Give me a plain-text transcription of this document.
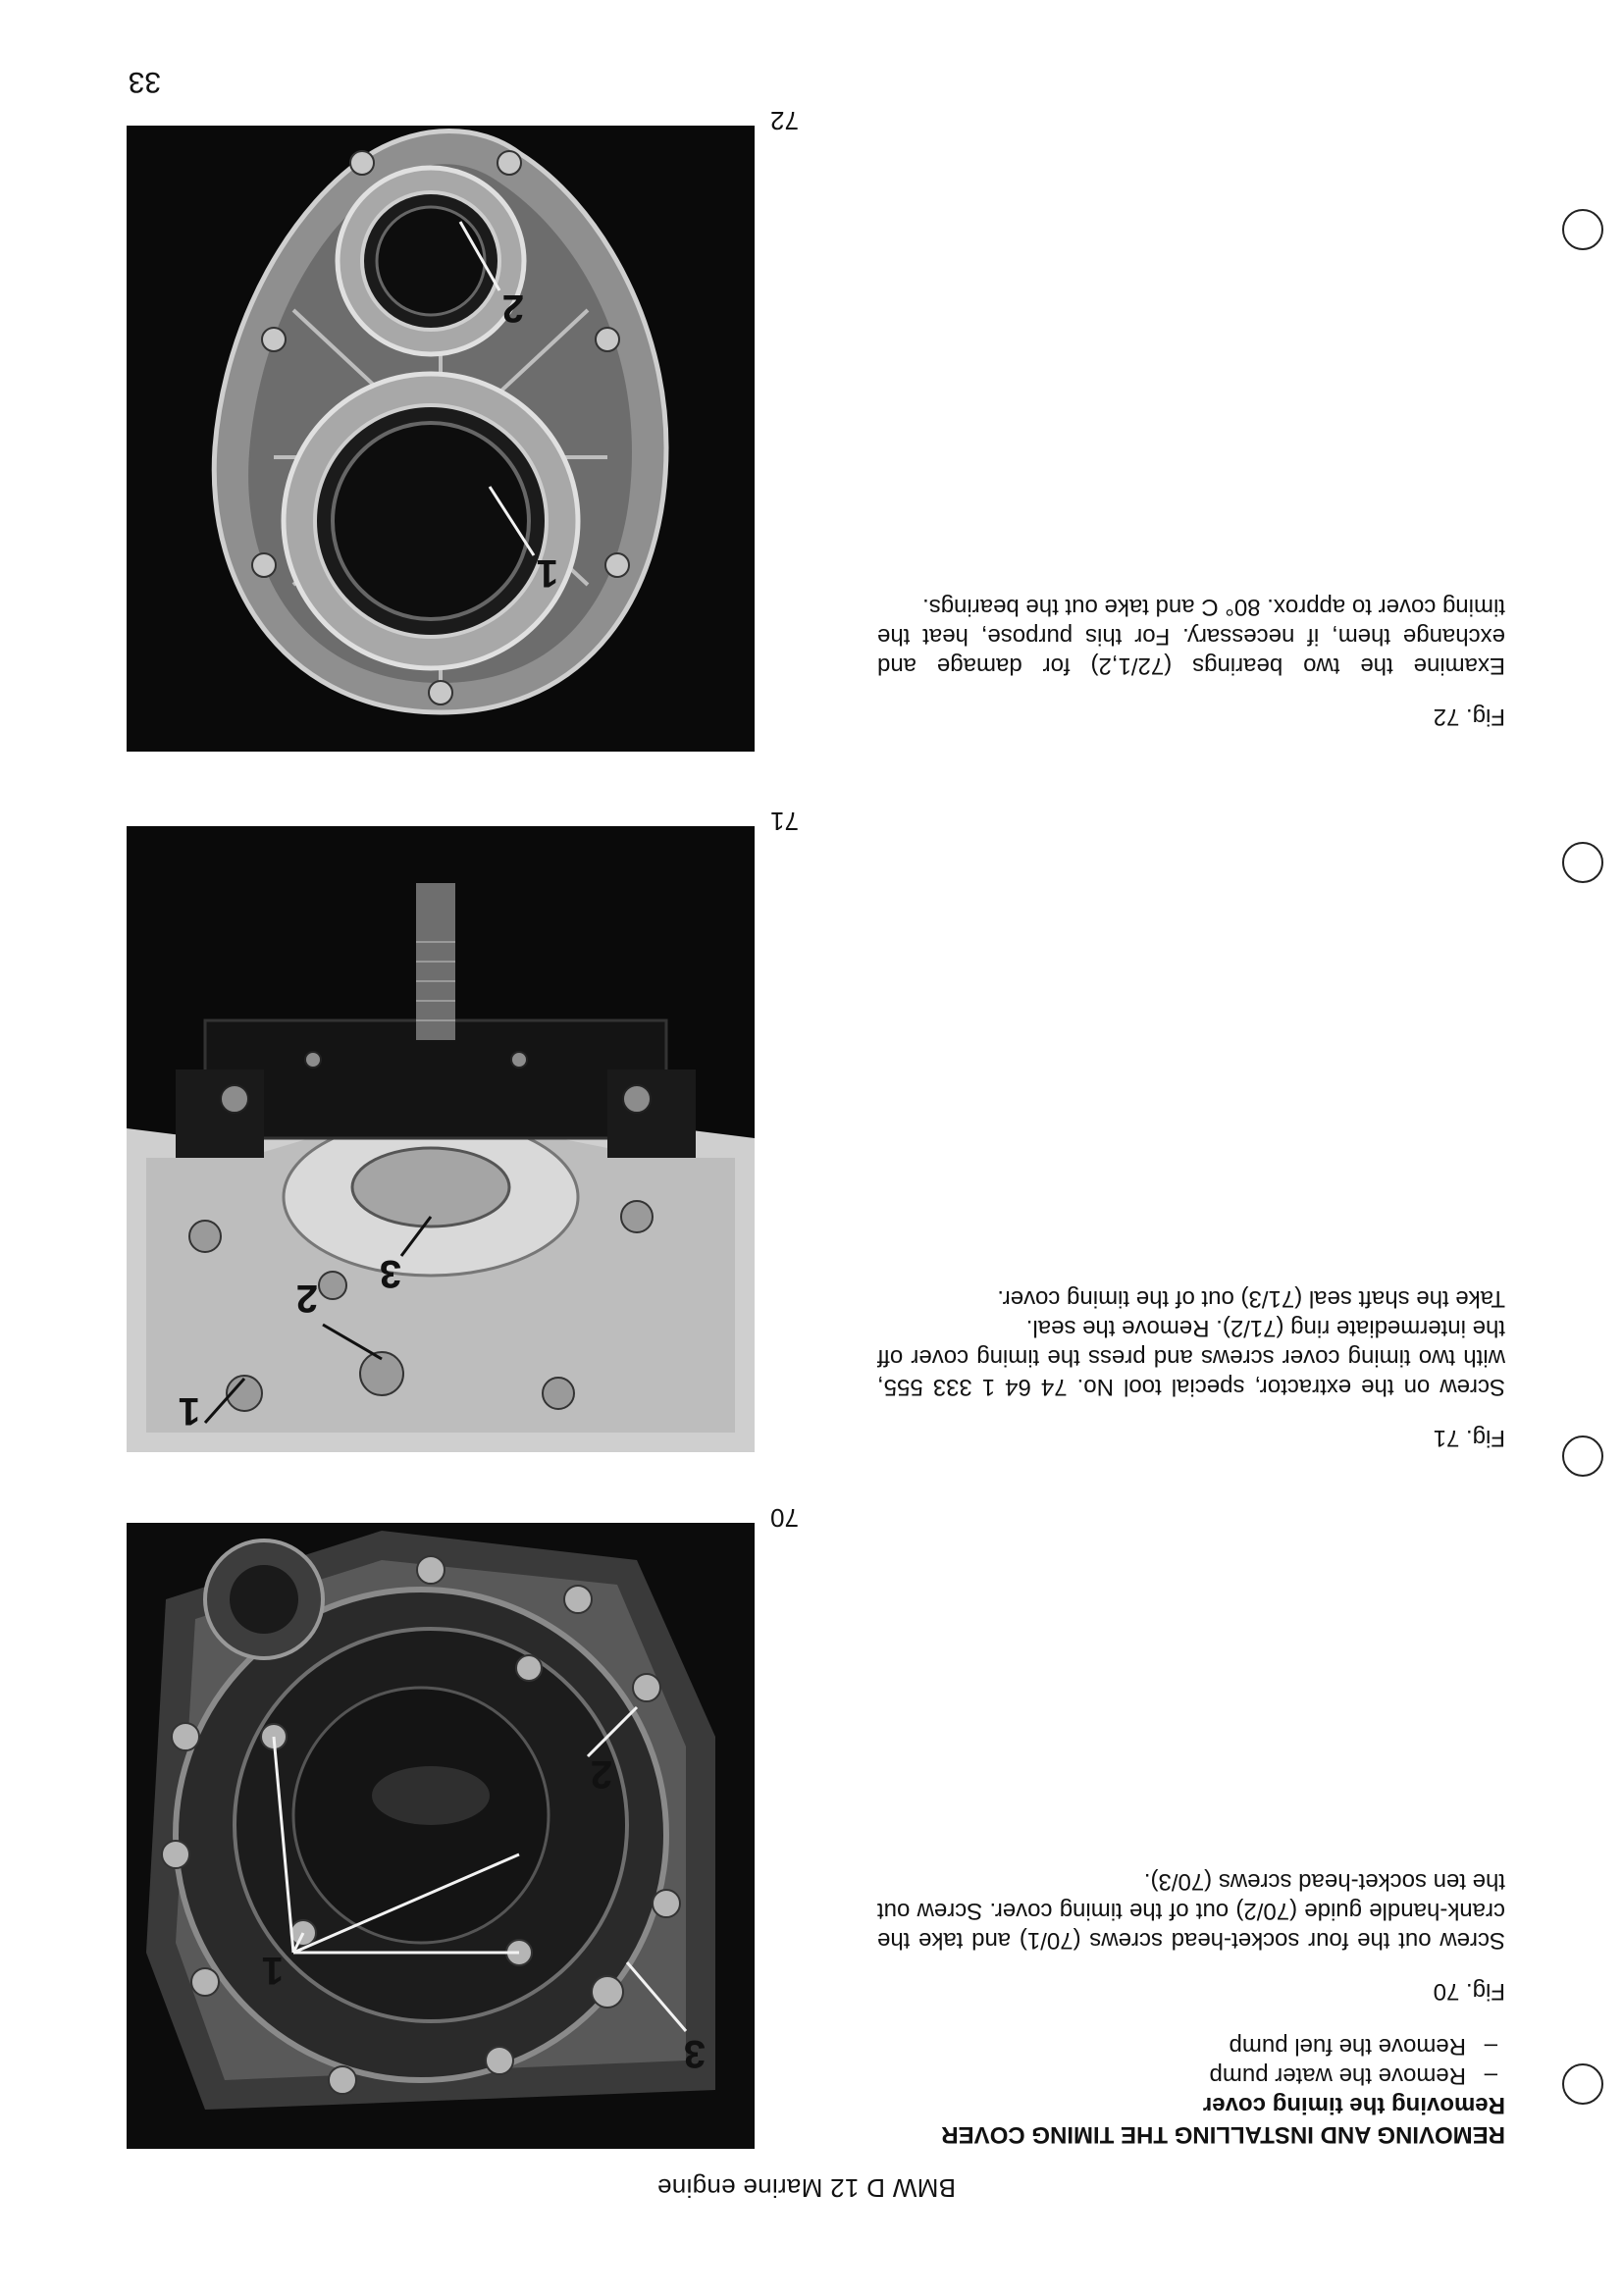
BMW D 12 Marine engine

REMOVING AND INSTALLING THE TIMING COVER

Removing the timing cover

– Remove the water pump
– Remove the fuel pump

Fig. 70

Screw out the four socket-head screws (70/1) and take the crank-handle guide (70/2) out of the timing cover. Screw out the ten socket-head screws (70/3).

1
2
3
70

Fig. 71

Screw on the extractor, special tool No. 74 64 1 333 555, with two timing cover screws and press the timing cover off the intermediate ring (71/2). Remove the seal.

Take the shaft seal (71/3) out of the timing cover.

1
2
3
71

Fig. 72

Examine the two bearings (72/1,2) for damage and exchange them, if necessary. For this purpose, heat the timing cover to approx. 80° C and take out the bearings.

1
2
72
33
